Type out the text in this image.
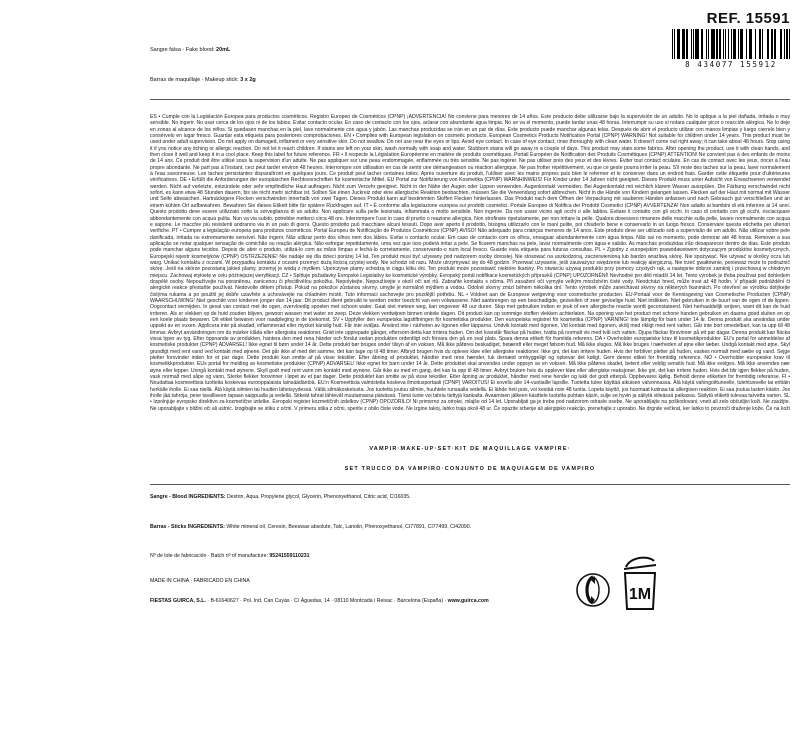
REF. 15591
8 434077 155912
Sangre falsa · Fake blood: 20mL
Barras de maquillaje · Makeup stick: 3 x 2g
ES • Cumple con la Legislación Europea para productos cosméticos. Registro Europeo de Cosméticos (CPNP) ¡ADVERTENCIA! No conviene para menores de 14 años. Este producto debe utilizarse bajo la supervisión de un adulto. No lo aplique a la piel dañada, irritada o muy sensible. No ingerir. No usar cerca de los ojos ni de los labios. Evitar contacto ocular. En caso de contacto con los ojos, aclarar con abundante agua limpia. No se va el momento, puede tardar unas 48 horas. Interrumpir su uso si notara cualquier picor o reacción alérgica. No lo deje en zonas al alcance de los niños. Si quedasen manchas en la piel, lave normalmente con agua y jabón. Las manchas producidas se irán en un par de días. Este producto puede manchar algunas telas. Después de abrir el producto utilizar con manos limpias y luego cierrelo bien y consérvelo en lugar fresco. Guardar esta etiqueta para posteriores comprobaciones. EN • Complies with European legislation on cosmetic products. European Cosmetics Products Notification Portal (CPNP) WARNING! Not suitable for children under 14 years. This product must be used under adult supervision. Do not apply on damaged, inflamed or very sensitive skin. Do not swallow. Do not use near the eyes or lips. Avoid eye contact. In case of eye contact, rinse thoroughly with clean water. It doesn't come out right away; it can take about 48 hours. Stop using it if you notice any itching or allergic reaction. Do not let it reach children. If stains are left on your skin, wash normally with soap and water. Stubborn stains will go away in a couple of days. This product may stain some fabrics. After opening the product, use it with clean hands, and then close it well and keep it in a cool place. Keep this label for future reference. FR • Il respecte la Législation Européenne en matière de produits cosmétiques. Portail Européen de Notification des Produits Cosmétiques (CPNP) ATTENTION! Ne convient pas à des enfants de moins de 14 ans. Ce produit doit être utilisé sous la supervision d'un adulte. Ne pas appliquer sur une peau endommagée, enflammée ou très sensible. Ne pas ingérer. Ne pas utiliser près des yeux et des lèvres. Éviter tout contact oculaire. En cas de contact avec les yeux, rincer à l'eau propre abondante. Ne part pas à l'instant, ceci peut tarder environ 48 heures. Interrompre son utilisation en cas de sentir une démangeaison ou réaction allergique. Ne pas frotter répétitivement, vu que ce geste pourra irriter la peau. S'il reste des taches sur la peau, laver normalement à l'eau savonneuse. Les taches persistantes disparaîtront en quelques jours. Ce produit peut tacher certaines toiles. Après ouverture du produit, l'utiliser avec les mains propres puis bien le refermer et le conserver dans un endroit frais. Garder cette étiquette pour d'ultérieures vérifications. DE • Erfüllt die Anforderungen der europäischen Rechtsvorschriften für kosmetische Mittel. EU Portal zur Notifizierung von Kosmetika (CPNP) WARNHINWEIS! Für Kinder unter 14 Jahren nicht geeignet. Dieses Produkt muss unter Aufsicht von Erwachsenen verwendet werden. Nicht auf verletzte, entzündete oder sehr empfindliche Haut auftragen. Nicht zum Verzehr geeignet. Nicht in der Nähe der Augen oder Lippen verwenden. Augenkontakt vermeiden. Bei Augenkontakt mit reichlich klarem Wasser ausspülen. Die Färbung verschwindet nicht sofort, es kann etwa 48 Stunden dauern, bis sie nicht mehr sichtbar ist. Sollten Sie einen Juckreiz oder eine allergische Reaktion beobachten, müssen Sie die Verwendung sofort abbrechen. Nicht in die Hände von Kindern gelangen lassen. Flecken auf der Haut mit normal mit Wasser und Seife abwaschen. Hartnäckigere Flecken verschwinden innerhalb von zwei Tagen. Dieses Produkt kann auf bestimmten Stoffen Flecken hinterlassen. Das Produkt nach dem Öffnen der Verpackung mit sauberen Händen anfassen und nach Gebrauch gut verschließen und an einem kühlen Ort aufbewahren. Bewahren Sie dieses Etikett bitte für spätere Rückfragen auf. IT • È conforme alla legislazione europea sui prodotti cosmetici. Portale Europeo di Notifica dei Prodotti Cosmetici (CPNP) AVVERTENZA! Non adatto ai bambini di età inferiore ai 14 anni. Questo prodotto deve essere utilizzato sotto la sorveglianza di un adulto. Non applicare sulla pelle lesionata, infiammata o molto sensibile. Non ingerire. Da non usare vicino agli occhi o alle labbra. Evitare il contatto con gli occhi. In caso di contatto con gli occhi, risciacquare abbondantemente con acqua pulita. Non va via subito, potrebbe metterci circa 48 ore. Interrompere l'uso in caso di prurito o reazione allergica. Non strofinare ripetutamente, per non irritare la pelle. Qualora dovessero rimanere delle macchie sulla pelle, lavare normalmente con acqua e sapone. Le macchie più resistenti andranno via in un paio di giorni. Questo prodotto può macchiare alcuni tessuti. Dopo aver aperto il prodotto, bisogna utilizzarlo con le mani pulite, poi chiuderlo bene e conservarlo in un luogo fresco. Conservare questa etichetta per ulteriori verifiche. PT • Cumpre a legislação europeia para produtos cosméticos. Portal Europeu de Notificação de Produtos Cosméticos (CPNP) AVISO! Não adequado para crianças menores de 14 anos. Este produto deve ser utilizado sob a supervisão de um adulto. Não utilizar sobre pele danificada, irritada ou extremamente sensível. Não ingerir. Não utilizar perto dos olhos nem dos lábios. Evitar o contacto ocular. Em caso de contacto com os olhos, enxaguar abundantemente com água limpa. Não sai no momento, pode demorar até 48 horas. Remover a sua aplicação se notar qualquer sensação de comichão ou reação alérgica. Não esfregar repetidamente, uma vez que isso poderá irritar a pele. Se ficarem manchas na pele, lavar normalmente com água e sabão. As manchas produzidas irão desaparecer dentro de dias. Este produto pode manchar alguns tecidos. Depois de abrir o produto, utilizá-lo com as mãos limpas e fechá-lo corretamente, conservando-o num local fresco. Guarde esta etiqueta para futuras consultas. PL • Zgodny z europejskim prawodawstwem dotyczącym produktów kosmetycznych. Europejski rejestr kosmetyków (CPNP) OSTRZEŻENIE! Nie nadaje się dla dzieci poniżej 14 lat. Ten produkt musi być używany pod nadzorem osoby dorosłej. Nie stosować na uszkodzoną, zaczerwienioną lub bardzo wrażliwą skórę. Nie spożywać. Nie używać w okolicy oczu lub warg. Unikać kontaktu z oczami. W przypadku kontaktu z oczami przemyć dużą ilością czystej wody. Nie schodzi od razu. Może utrzymywać się do 48 godzin. Przerwać używanie, jeśli zauważysz swędzenie lub reakcję alergiczną. Nie trzeć gwałtownie, ponieważ może to podrażnić skórę. Jeśli na skórze pozostaną jakieś plamy, przemyj je wodą z mydłem. Uporczywe plamy schodzą w ciągu kilku dni. Ten produkt może pozostawić niektóre tkaniny. Po otwarciu używaj produktu przy pomocy czystych rąk, a następnie dobrze zamknij i przechowuj w chłodnym miejscu. Zachowaj etykietę w celu późniejszej weryfikacji. CZ • Splňuje požadavky Evropské Legislativy ke kosmetické výrobky. Evropský portál notifikace kosmetických přípravků (CPNP) UPOZORNĚNÍ! Nevhodné pro děti mladší 14 let. Tento výrobek je třeba používat pod dohledem dospělé osoby. Nepoužívejte na poraněnou, zanícenou či přecitlivělou pokožku. Nepolykejte. Nepoužívejte v okolí očí ani rtů. Zabraňte kontaktu s očima. Při zasažení očí vymyjte velkým množstvím čisté vody. Neodchází hned, může trvat až 48 hodin. V případě podráždění či alergické reakce přestaňte používat. Nedovolte dětem přístup. Pokud na pokožce zůstanou skvrny, umyjte je normálně mýdlem a vodou. Odolné skvrny zmizí během několika dní. Tento výrobek může zanechávat skvrny na některých tkaninách. Po otevření se výrobku dotýkejte čistýma rukama a po použití jej dobře uzavřete a uchovávejte na chladném místě. Tuto informaci uschovejte pro pozdější potřebu. NL • Voldoet aan de Europese wetgeving voor cosmetische producten. EU-Portaal voor de Kennisgeving van Cosmetische Producten (CPNP) WAARSCHUWING! Niet geschikt voor kinderen jonger dan 14 jaar. Dit product dient gebruikt te worden onder toezicht van een volwassene. Niet aanbrengen op een beschadigde, gezwollen of zeer gevoelige huid. Niet inslikken. Niet gebruiken in de buurt van de ogen of de lippen. Oogcontact vermijden. In geval van contact met de ogen, overvloedig spoelen met schoon water. Gaat niet meteen weg, kan ongeveer 48 uur duren. Stop met gebruiken indien er jeuk of een allergische reactie wordt geconstateerd. Niet herhaaldelijk wrijven, want dit kan de huid irriteren. Als er vlekken op de huid zouden blijven, gewoon wassen met water en zeep. Deze vlekken verdwijnen binnen enkele dagen. Dit product kan op sommige stoffen vlekken achterlaten. Na opening van het product met schone handen gebruiken en daarna goed sluiten en op een koele plaats bewaren. Dit etiket bewaren voor raadpleging in de toekomst. SV • Uppfyller den europeiska lagstiftningen för kosmetiska produkter. Den europeiska registret för kosmetika (CPNP) VARNING! Inte lämplig för barn under 14 år. Denna produkt ska användas under uppsikt av en vuxen. Applicera inte på skadad, inflammerad eller mycket känslig hud. Får inte sväljas. Använd inte i närheten av ögonen eller läpparna. Undvik kontakt med ögonen. Vid kontakt med ögonen, skölj med rikligt med rent vatten. Går inte bort omedelbart, kan ta upp till 48 timmar. Avbryt användningen om du märker klåda eller allergiska reaktioner. Gnid inte upprepade gånger, eftersom detta kan irritera huden. Om det kvarstår fläckar på huden, tvätta på normalt vis med tvål och vatten. Djupa fläckar försvinner på ett par dagar. Denna produkt kan fläcka vissa typer av tyg. Efter öppnande av produkten, hantera den med rena händer och förslut sedan produkten ordentligt och förvara den på en sval plats. Spara denna etikett för framtida referens. DA • Overholder europæiske krav til kosmetikprodukter. EU's portal for anmeldelse af kosmetiske produkter (CPNP) ADVARSEL! Ikke egnet til børn under 14 år. Dette produkt bør bruges under tilsyn af en voksen. Må ikke påføres beskadiget, betændt eller meget følsom hud. Må ikke sluges. Må ikke bruges i nærheden af øjne eller læber. Undgå kontakt med øjne. Skyl grundigt med rent vand ved kontakt med øjnene. Det går ikke af med det samme, det kan tage op til 48 timer. Afbryd brugen hvis du oplever kløe eller allergiske reaktioner. Ikke gni, det kan irritere huden. Hvis der forbliver pletter på huden, vaskes normalt med sæbe og vand. Sejge pletter forsvinder inden for et par dage. Dette produkt kan smitte af på visse tekstiler. Efter åbning af produktet, håndter med rene hænder, luk dernæst omhyggeligt og opbevar det køligt. Gem denne etiket for fremtidig reference. NO • Overholder europeiske krav til kosmetikkprodukter. EUs portal for melding av kosmetiske produkter (CPNP) ADVARSEL! Ikke egnet for barn under 14 år. Dette produktet skal anvendes under oppsyn av en voksen. Må ikke påføres skadet, betent eller veldig sensitiv hud. Må ikke svelges. Må ikke anvendes nær øyne eller lepper. Unngå kontakt med øynene. Skyll godt med rent vann om kontakt med øynene. Går ikke av med en gang, det kan ta opp til 48 timer. Avbryt bruken hvis du opplever kløe eller allergiske reaksjoner. Ikke gni, det kan irritere huden. Hvis det blir igjen flekker på huden, vask normalt med såpe og vann. Sterke flekker forsvinner i løpet av et par dager. Dette produktet kan smitte av på visse tekstiler. Etter åpning av produktet, håndter med rene hender og lukk det godt etterpå. Oppbevares kjølig. Behold denne etiketten for fremtidig referanse. FI • Noudattaa kosmeettisia tuotteita koskevaa eurooppalaista lainsäädäntöä. EU:n Kosmeettisia valmisteita koskeva ilmoitusportaali (CPNP) VAROITUS! Ei sovellu alle 14-vuotiaille lapsille. Tuotetta tulee käyttää aikuisen valvonnassa. Älä käytä vahingoittuneelle, tulehtuneelle tai erittäin herkälle iholle. Ei saa niellä. Älä käytä silmien tai huulten läheisyydessä. Vältä silmäkosketusta. Jos tuotetta joutuu silmiin, huuhtele runsaalla vedellä. Ei lähde heti pois, voi kestää noin 48 tuntia. Lopeta käyttö, jos huomaat kutinaa tai allergisen reaktion. Ei saa joutua lasten käsiin. Jos iholle jää tahroja, pese tavalliseen tapaan saippualla ja vedellä. Sitkeät tahrat lähtevät muutamassa päivässä. Tämä tuote voi tahria tiettyjä kankaita. Avaamisen jälkeen käsittele tuotetta puhtain käsin, sulje se hyvin ja säilytä viileässä paikassa. Säilytä etiketti tulevaa tarvetta varten. SL • Izpolnjuje evropsko direktivo za kozmetične izdelke. Evropski register kozmetičnih izdelkov (CPNP) OPOZORILO! Ni primerno za otroke, mlajše od 14 let. Uporabljati ga je treba pod nadzorom odrasle osebe. Ne uporabljajte na poškodovani, vneti ali zelo občutljivi koži. Ne zaužijte. Ne uporabljajte v bližini oči ali ustnic. Izogibajte se stiku z očmi. V primeru stika z očmi, sperite z obilo čiste vode. Ne izgine takoj, lahko traja okoli 48 ur. Če opazite srbenje ali alergijsko reakcijo, prenehajte z uporabo. Ne drgnite večkrat, ker lahko to povzroči draženje kože. Če na koži
VAMPIR·MAKE-UP·SET·KIT DE MAQUILLAGE VAMPIRE·
SET TRUCCO DA VAMPIRO·CONJUNTO DE MAQUIAGEM DE VAMPIRO
Sangre - Blood INGREDIENTS: Dextrin, Aqua, Propylene glycol, Glycerin, Phenoxyethanol, Citric acid, CI16035.
Barras - Sticks INGREDIENTS: White mineral oil, Ceresin, Beeswax absolute, Talc, Lanolin, Phenoxyethanol, CI77891, CI77499, CI42090.
Nº de lote de fabricación · Batch nº of manufacture: 95241559110231
MADE IN CHINA · FABRICADO EN CHINA
FIESTAS GUIRCA, S.L. · B-61640627 · Pol. Ind. Can Cuyàs · C/ Águedas, 14 · 08110 Montcada i Reixac · Barcelona (España) · www.guirca.com	1M
